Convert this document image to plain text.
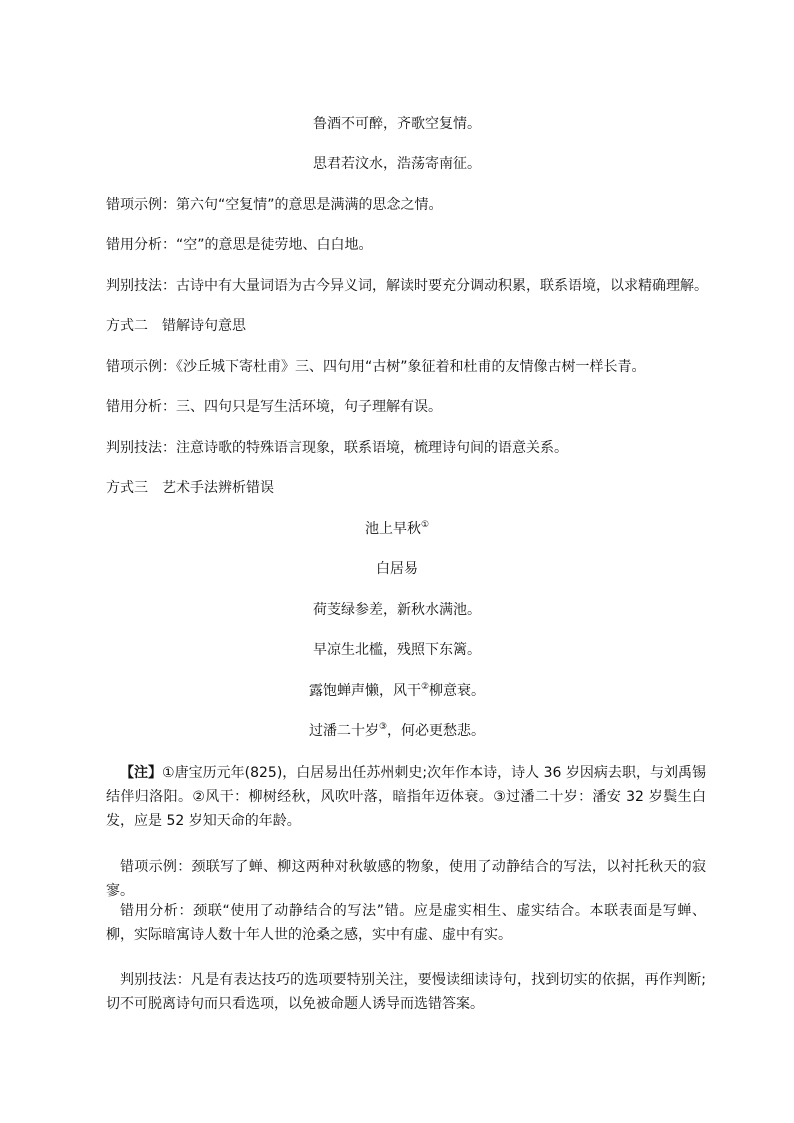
鲁酒不可醉，齐歌空复情。
思君若汶水，浩荡寄南征。
错项示例：第六句“空复情”的意思是满满的思念之情。
错用分析：“空”的意思是徒劳地、白白地。
判别技法：古诗中有大量词语为古今异义词，解读时要充分调动积累，联系语境，以求精确理解。
方式二　错解诗句意思
错项示例：《沙丘城下寄杜甫》三、四句用“古树”象征着和杜甫的友情像古树一样长青。
错用分析：三、四句只是写生活环境，句子理解有误。
判别技法：注意诗歌的特殊语言现象，联系语境，梳理诗句间的语意关系。
方式三　艺术手法辨析错误
池上早秋①
白居易
荷芰绿参差，新秋水满池。
早凉生北槛，残照下东篱。
露饱蝉声懒，风干②柳意衰。
过潘二十岁③，何必更愁悲。
【注】①唐宝历元年(825)，白居易出任苏州刺史;次年作本诗，诗人 36 岁因病去职，与刘禹锡结伴归洛阳。②风干：柳树经秋，风吹叶落，暗指年迈体衰。③过潘二十岁：潘安 32 岁鬓生白发，应是 52 岁知天命的年龄。
错项示例：颈联写了蝉、柳这两种对秋敏感的物象，使用了动静结合的写法，以衬托秋天的寂寥。
错用分析：颈联“使用了动静结合的写法”错。应是虚实相生、虚实结合。本联表面是写蝉、柳，实际暗寓诗人数十年人世的沧桑之感，实中有虚、虚中有实。
判别技法：凡是有表达技巧的选项要特别关注，要慢读细读诗句，找到切实的依据，再作判断;切不可脱离诗句而只看选项，以免被命题人诱导而选错答案。
